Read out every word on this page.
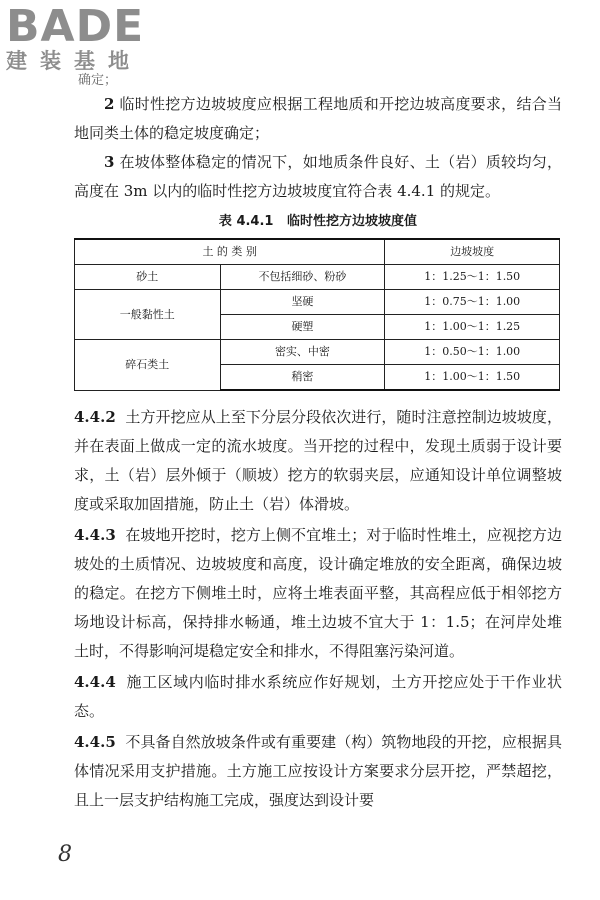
BADE
建装基地

确定；

2 临时性挖方边坡坡度应根据工程地质和开挖边坡高度要求，结合当地同类土体的稳定坡度确定；

3 在坡体整体稳定的情况下，如地质条件良好、土（岩）质较均匀，高度在 3m 以内的临时性挖方边坡坡度宜符合表 4.4.1 的规定。

表 4.4.1 临时性挖方边坡坡度值
土 的 类 别		边坡坡度
砂土	不包括细砂、粉砂	1：1.25～1：1.50
一般黏性土	坚硬	1：0.75～1：1.00
	硬塑	1：1.00～1：1.25
碎石类土	密实、中密	1：0.50～1：1.00
	稍密	1：1.00～1：1.50

4.4.2 土方开挖应从上至下分层分段依次进行，随时注意控制边坡坡度，并在表面上做成一定的流水坡度。当开挖的过程中，发现土质弱于设计要求，土（岩）层外倾于（顺坡）挖方的软弱夹层，应通知设计单位调整坡度或采取加固措施，防止土（岩）体滑坡。

4.4.3 在坡地开挖时，挖方上侧不宜堆土；对于临时性堆土，应视挖方边坡处的土质情况、边坡坡度和高度，设计确定堆放的安全距离，确保边坡的稳定。在挖方下侧堆土时，应将土堆表面平整，其高程应低于相邻挖方场地设计标高，保持排水畅通，堆土边坡不宜大于 1：1.5；在河岸处堆土时，不得影响河堤稳定安全和排水，不得阻塞污染河道。

4.4.4 施工区域内临时排水系统应作好规划，土方开挖应处于干作业状态。

4.4.5 不具备自然放坡条件或有重要建（构）筑物地段的开挖，应根据具体情况采用支护措施。土方施工应按设计方案要求分层开挖，严禁超挖，且上一层支护结构施工完成，强度达到设计要

8
